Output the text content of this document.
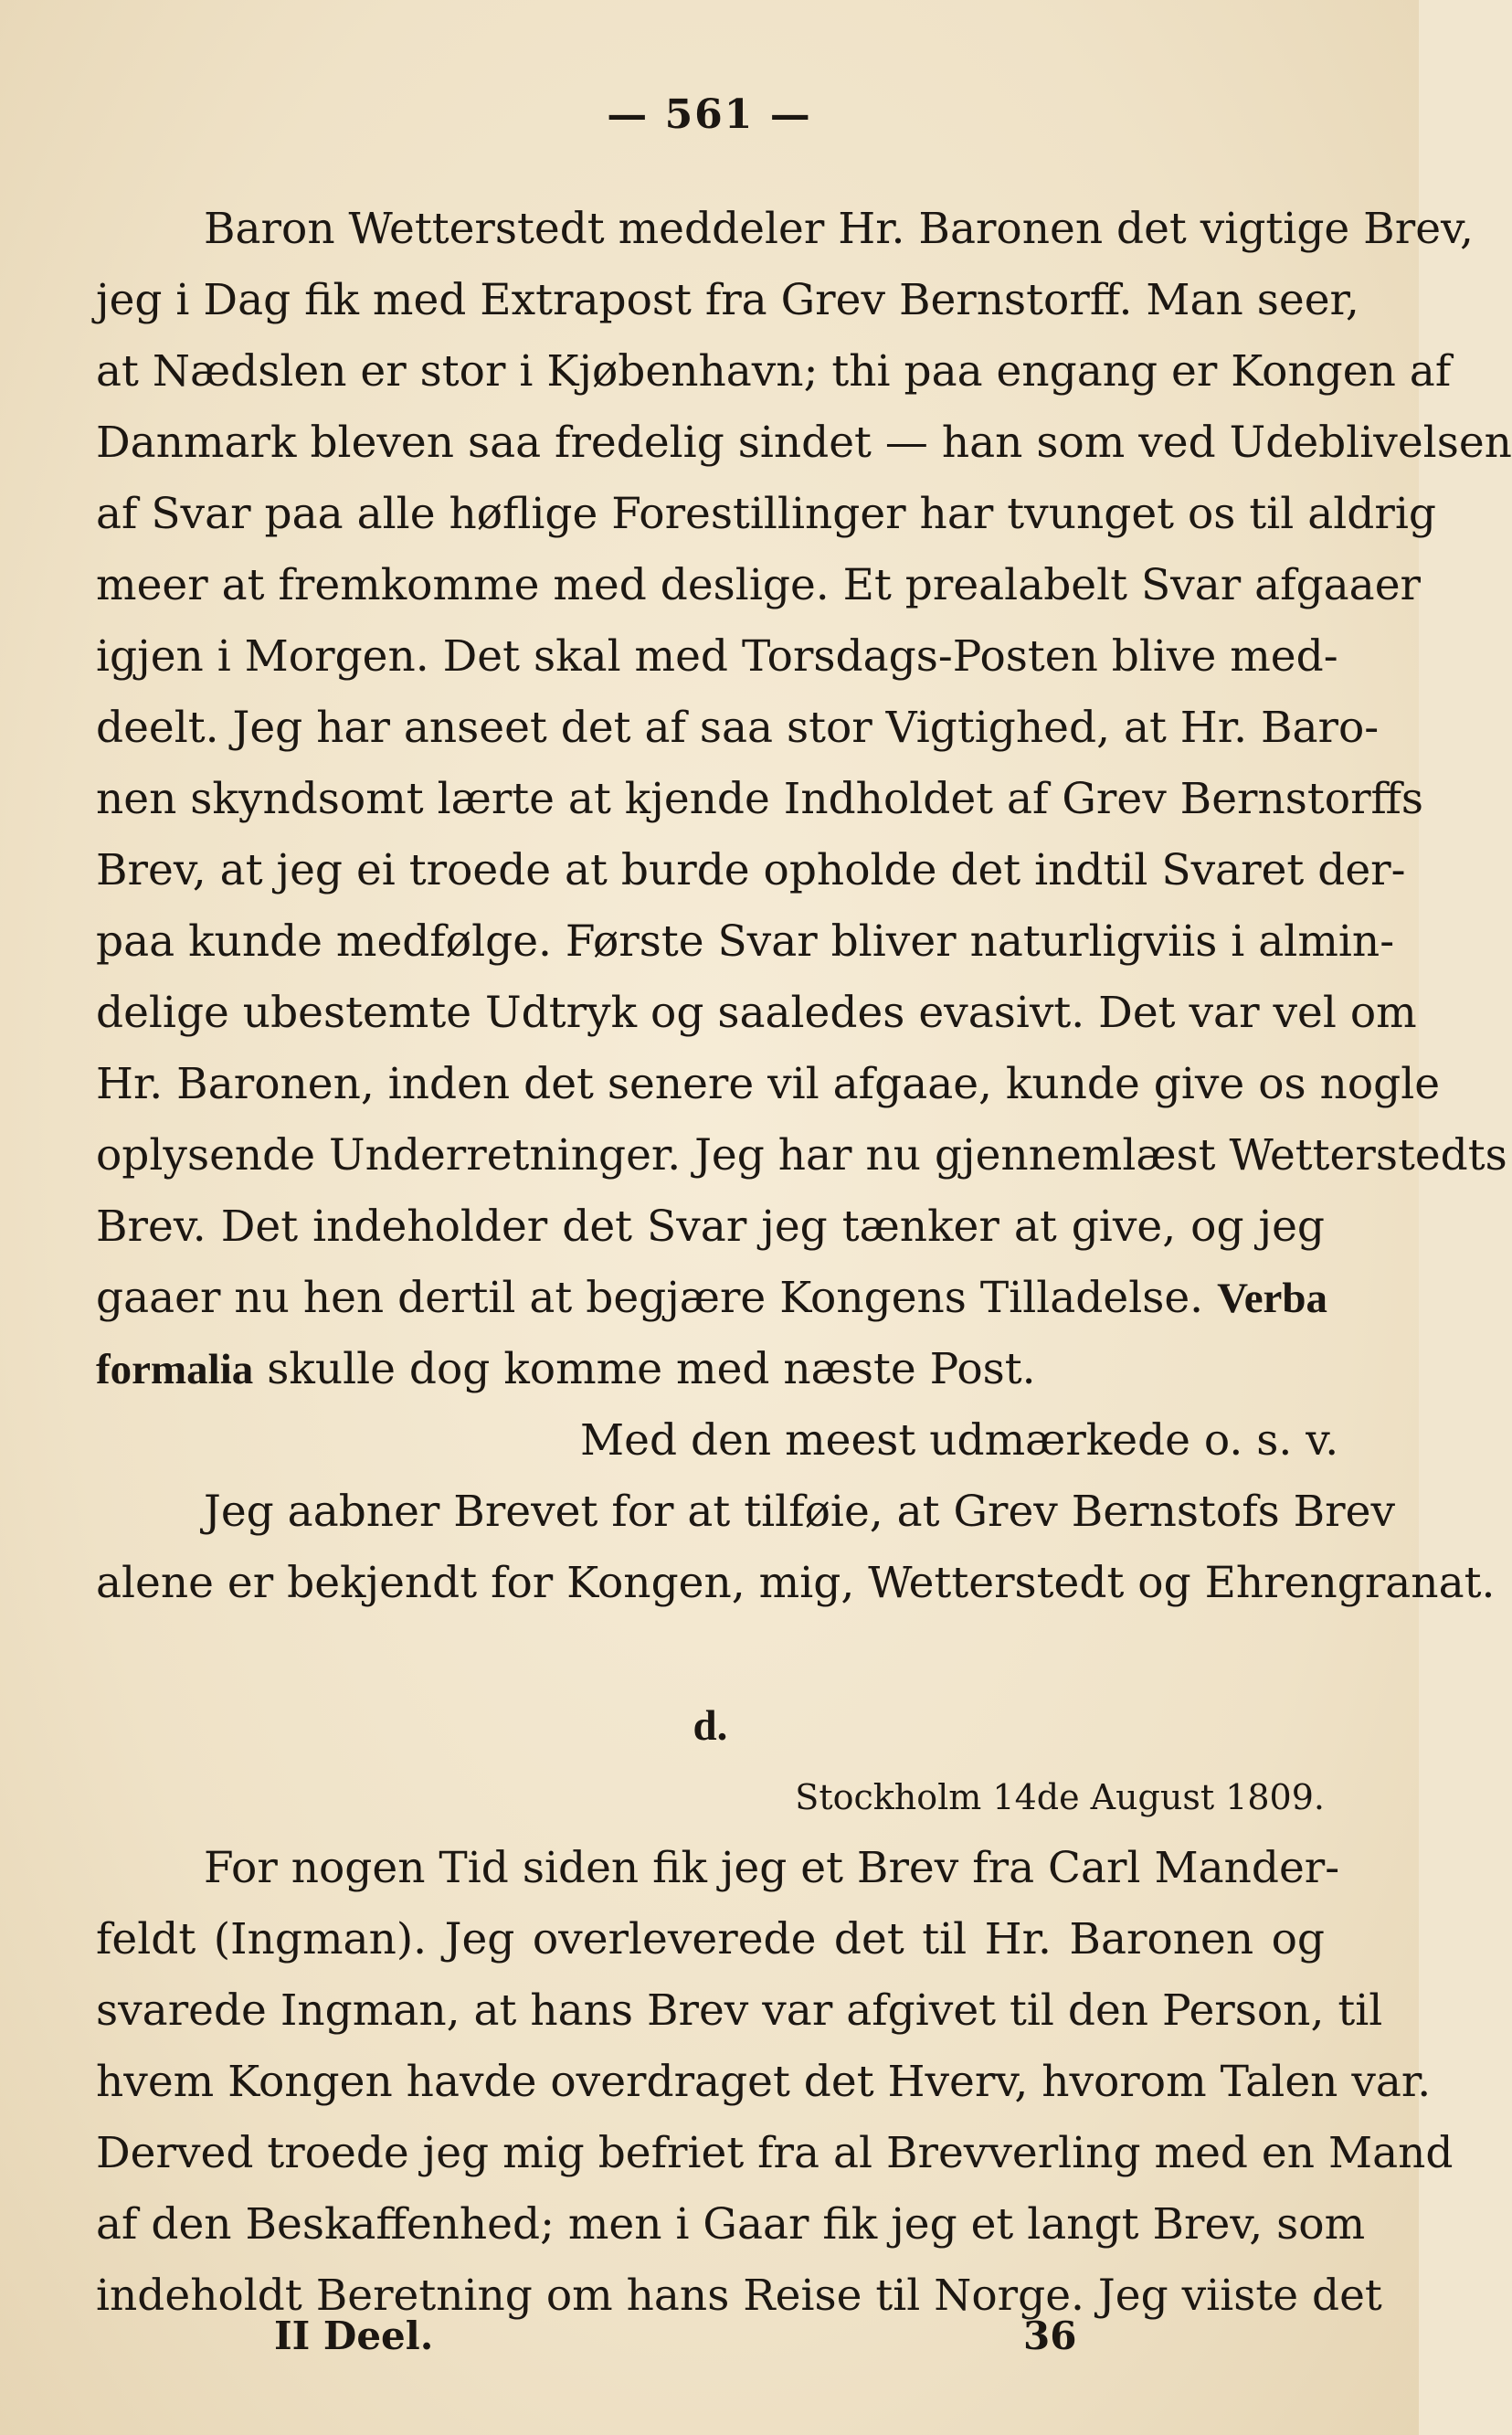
— 561 —
Baron Wetterstedt meddeler Hr. Baronen det vigtige Brev,
jeg i Dag fik med Extrapost fra Grev Bernstorff. Man seer,
at Nædslen er stor i Kjøbenhavn; thi paa engang er Kongen af
Danmark bleven saa fredelig sindet — han som ved Udeblivelsen
af Svar paa alle høflige Forestillinger har tvunget os til aldrig
meer at fremkomme med deslige. Et prealabelt Svar afgaaer
igjen i Morgen. Det skal med Torsdags-Posten blive med-
deelt. Jeg har anseet det af saa stor Vigtighed, at Hr. Baro-
nen skyndsomt lærte at kjende Indholdet af Grev Bernstorffs
Brev, at jeg ei troede at burde opholde det indtil Svaret der-
paa kunde medfølge. Første Svar bliver naturligviis i almin-
delige ubestemte Udtryk og saaledes evasivt. Det var vel om
Hr. Baronen, inden det senere vil afgaae, kunde give os nogle
oplysende Underretninger. Jeg har nu gjennemlæst Wetterstedts
Brev. Det indeholder det Svar jeg tænker at give, og jeg
gaaer nu hen dertil at begjære Kongens Tilladelse. Verba
formalia skulle dog komme med næste Post.
Med den meest udmærkede o. s. v.
Jeg aabner Brevet for at tilføie, at Grev Bernstofs Brev
alene er bekjendt for Kongen, mig, Wetterstedt og Ehrengranat.
d.
Stockholm 14de August 1809.
For nogen Tid siden fik jeg et Brev fra Carl Mander-
feldt (Ingman). Jeg overleverede det til Hr. Baronen og
svarede Ingman, at hans Brev var afgivet til den Person, til
hvem Kongen havde overdraget det Hverv, hvorom Talen var.
Derved troede jeg mig befriet fra al Brevverling med en Mand
af den Beskaffenhed; men i Gaar fik jeg et langt Brev, som
indeholdt Beretning om hans Reise til Norge. Jeg viiste det
II Deel.	36
